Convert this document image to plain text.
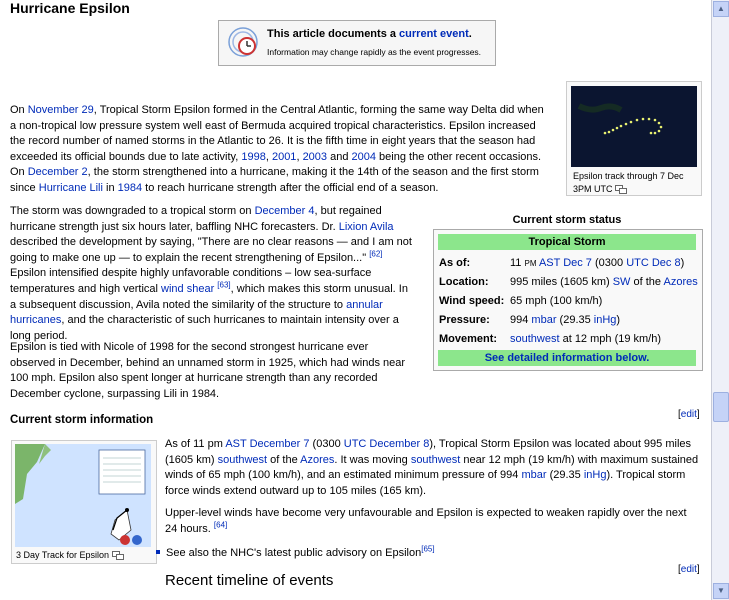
Hurricane Epsilon
This article documents a current event.
Information may change rapidly as the event progresses.

On November 29, Tropical Storm Epsilon formed in the Central Atlantic, forming the same way Delta did when a non-tropical low pressure system well east of Bermuda acquired tropical characteristics. Epsilon increased the record number of named storms in the Atlantic to 26. It is the fifth time in eight years that the season had exceeded its official bounds due to late activity, 1998, 2001, 2003 and 2004 being the other recent occasions. On December 2, the storm strengthened into a hurricane, making it the 14th of the season and the first storm since Hurricane Lili in 1984 to reach hurricane strength after the official end of a season.

Epsilon track through 7 Dec 3PM UTC

The storm was downgraded to a tropical storm on December 4, but regained hurricane strength just six hours later, baffling NHC forecasters. Dr. Lixion Avila described the development by saying, "There are no clear reasons — and I am not going to make one up — to explain the recent strengthening of Epsilon..." [62] Epsilon intensified despite highly unfavorable conditions – low sea-surface temperatures and high vertical wind shear [63], which makes this storm unusual. In a subsequent discussion, Avila noted the similarity of the structure to annular hurricanes, and the characteristic of such hurricanes to maintain intensity over a long period.

Current storm status
Tropical Storm
As of:	11 PM AST Dec 7 (0300 UTC Dec 8)
Location: 995 miles (1605 km) SW of the Azores
Wind speed: 65 mph (100 km/h)
Pressure: 994 mbar (29.35 inHg)
Movement: southwest at 12 mph (19 km/h)
See detailed information below.

Epsilon is tied with Nicole of 1998 for the second strongest hurricane ever observed in December, behind an unnamed storm in 1925, which had winds near 100 mph. Epsilon also spent longer at hurricane strength than any recorded December cyclone, surpassing Lili in 1984.

Current storm information	[edit]
3 Day Track for Epsilon

As of 11 pm AST December 7 (0300 UTC December 8), Tropical Storm Epsilon was located about 995 miles (1605 km) southwest of the Azores. It was moving southwest near 12 mph (19 km/h) with maximum sustained winds of 65 mph (100 km/h), and an estimated minimum pressure of 994 mbar (29.35 inHg). Tropical storm force winds extend outward up to 105 miles (165 km).

Upper-level winds have become very unfavourable and Epsilon is expected to weaken rapidly over the next 24 hours. [64]

See also the NHC's latest public advisory on Epsilon[65]
Recent timeline of events
[edit]
▲
▼
